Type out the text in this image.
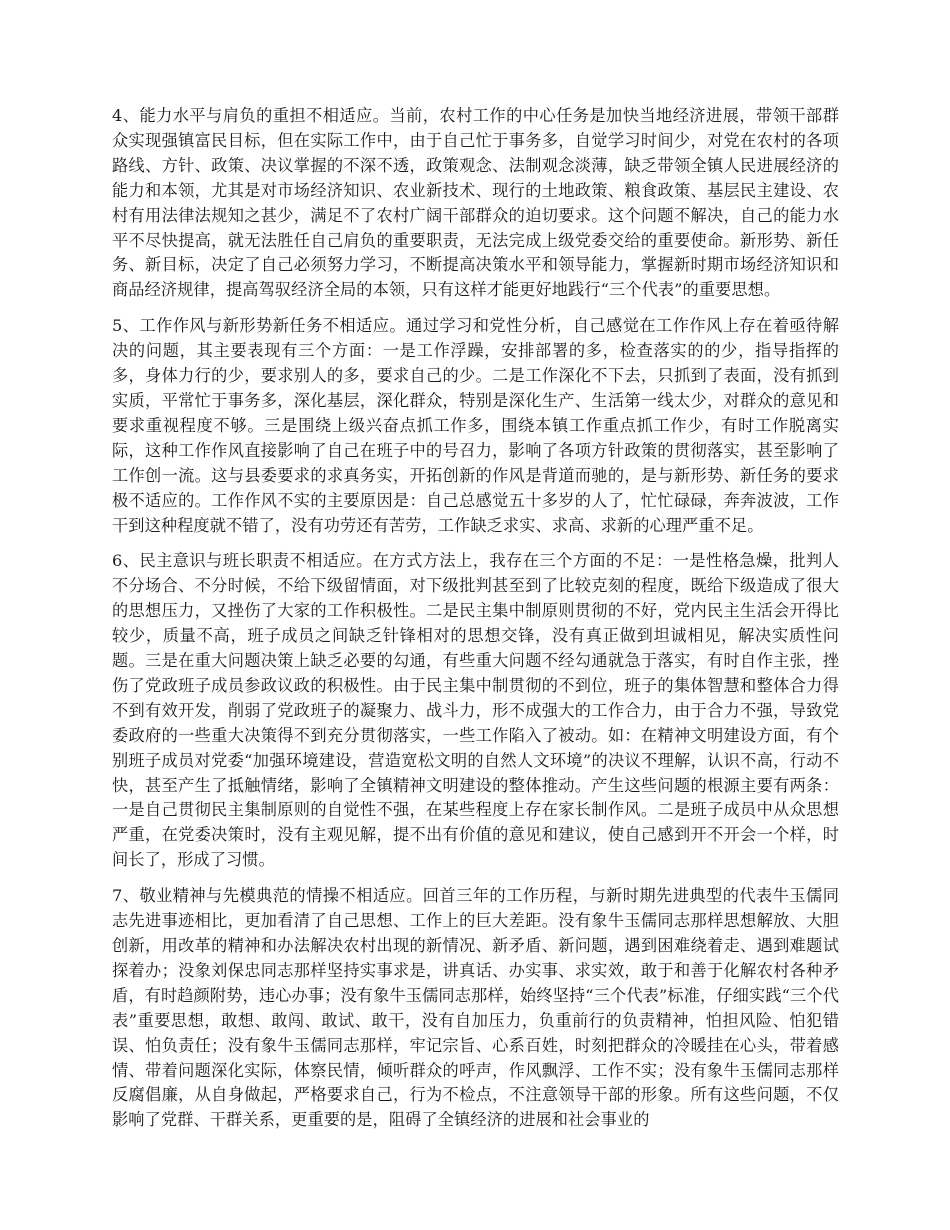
4、能力水平与肩负的重担不相适应。当前，农村工作的中心任务是加快当地经济进展，带领干部群众实现强镇富民目标，但在实际工作中，由于自己忙于事务多，自觉学习时间少，对党在农村的各项路线、方针、政策、决议掌握的不深不透，政策观念、法制观念淡薄，缺乏带领全镇人民进展经济的能力和本领，尤其是对市场经济知识、农业新技术、现行的土地政策、粮食政策、基层民主建设、农村有用法律法规知之甚少，满足不了农村广阔干部群众的迫切要求。这个问题不解决，自己的能力水平不尽快提高，就无法胜任自己肩负的重要职责，无法完成上级党委交给的重要使命。新形势、新任务、新目标，决定了自己必须努力学习，不断提高决策水平和领导能力，掌握新时期市场经济知识和商品经济规律，提高驾驭经济全局的本领，只有这样才能更好地践行“三个代表”的重要思想。

5、工作作风与新形势新任务不相适应。通过学习和党性分析，自己感觉在工作作风上存在着亟待解决的问题，其主要表现有三个方面：一是工作浮躁，安排部署的多，检查落实的的少，指导指挥的多，身体力行的少，要求别人的多，要求自己的少。二是工作深化不下去，只抓到了表面，没有抓到实质，平常忙于事务多，深化基层，深化群众，特别是深化生产、生活第一线太少，对群众的意见和要求重视程度不够。三是围绕上级兴奋点抓工作多，围绕本镇工作重点抓工作少，有时工作脱离实际，这种工作作风直接影响了自己在班子中的号召力，影响了各项方针政策的贯彻落实，甚至影响了工作创一流。这与县委要求的求真务实，开拓创新的作风是背道而驰的，是与新形势、新任务的要求极不适应的。工作作风不实的主要原因是：自己总感觉五十多岁的人了，忙忙碌碌，奔奔波波，工作干到这种程度就不错了，没有功劳还有苦劳，工作缺乏求实、求高、求新的心理严重不足。

6、民主意识与班长职责不相适应。在方式方法上，我存在三个方面的不足：一是性格急燥，批判人不分场合、不分时候，不给下级留情面，对下级批判甚至到了比较克刻的程度，既给下级造成了很大的思想压力，又挫伤了大家的工作积极性。二是民主集中制原则贯彻的不好，党内民主生活会开得比较少，质量不高，班子成员之间缺乏针锋相对的思想交锋，没有真正做到坦诚相见，解决实质性问题。三是在重大问题决策上缺乏必要的勾通，有些重大问题不经勾通就急于落实，有时自作主张，挫伤了党政班子成员参政议政的积极性。由于民主集中制贯彻的不到位，班子的集体智慧和整体合力得不到有效开发，削弱了党政班子的凝聚力、战斗力，形不成强大的工作合力，由于合力不强，导致党委政府的一些重大决策得不到充分贯彻落实，一些工作陷入了被动。如：在精神文明建设方面，有个别班子成员对党委“加强环境建设，营造宽松文明的自然人文环境”的决议不理解，认识不高，行动不快，甚至产生了抵触情绪，影响了全镇精神文明建设的整体推动。产生这些问题的根源主要有两条：一是自己贯彻民主集制原则的自觉性不强，在某些程度上存在家长制作风。二是班子成员中从众思想严重，在党委决策时，没有主观见解，提不出有价值的意见和建议，使自己感到开不开会一个样，时间长了，形成了习惯。

7、敬业精神与先模典范的情操不相适应。回首三年的工作历程，与新时期先进典型的代表牛玉儒同志先进事迹相比，更加看清了自己思想、工作上的巨大差距。没有象牛玉儒同志那样思想解放、大胆创新，用改革的精神和办法解决农村出现的新情况、新矛盾、新问题，遇到困难绕着走、遇到难题试探着办；没象刘保忠同志那样坚持实事求是，讲真话、办实事、求实效，敢于和善于化解农村各种矛盾，有时趋颜附势，违心办事；没有象牛玉儒同志那样，始终坚持“三个代表”标准，仔细实践“三个代表”重要思想，敢想、敢闯、敢试、敢干，没有自加压力，负重前行的负责精神，怕担风险、怕犯错误、怕负责任；没有象牛玉儒同志那样，牢记宗旨、心系百姓，时刻把群众的冷暖挂在心头，带着感情、带着问题深化实际，体察民情，倾听群众的呼声，作风飘浮、工作不实；没有象牛玉儒同志那样反腐倡廉，从自身做起，严格要求自己，行为不检点，不注意领导干部的形象。所有这些问题，不仅影响了党群、干群关系，更重要的是，阻碍了全镇经济的进展和社会事业的
